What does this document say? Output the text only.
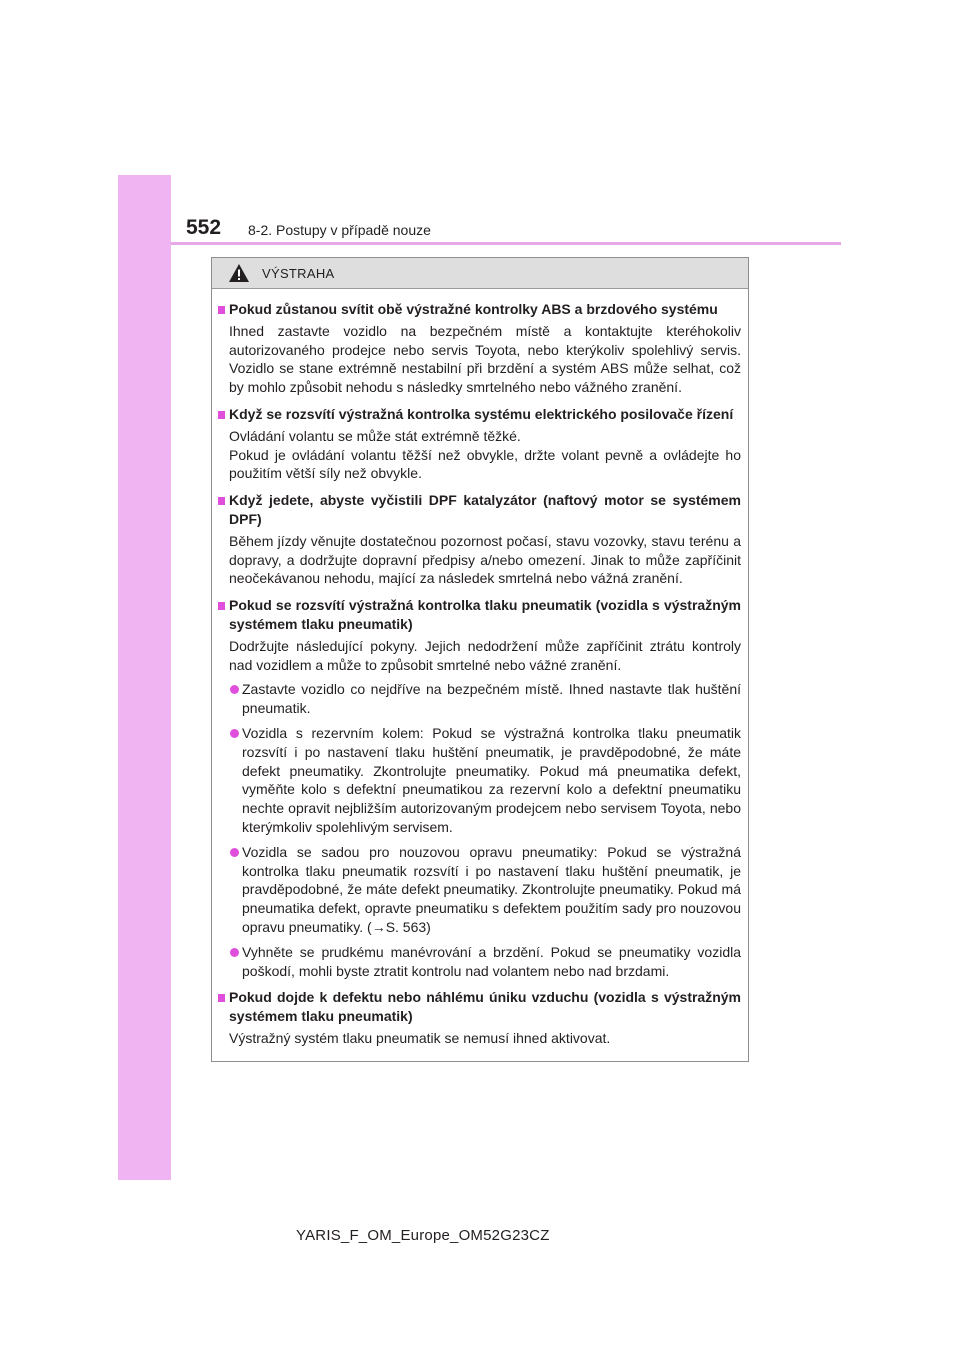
552 8-2. Postupy v případě nouze
VÝSTRAHA
Pokud zůstanou svítit obě výstražné kontrolky ABS a brzdového systému
Ihned zastavte vozidlo na bezpečném místě a kontaktujte kteréhokoliv autorizovaného prodejce nebo servis Toyota, nebo kterýkoliv spolehlivý servis. Vozidlo se stane extrémně nestabilní při brzdění a systém ABS může selhat, což by mohlo způsobit nehodu s následky smrtelného nebo vážného zranění.
Když se rozsvítí výstražná kontrolka systému elektrického posilovače řízení
Ovládání volantu se může stát extrémně těžké.
Pokud je ovládání volantu těžší než obvykle, držte volant pevně a ovládejte ho použitím větší síly než obvykle.
Když jedete, abyste vyčistili DPF katalyzátor (naftový motor se systémem DPF)
Během jízdy věnujte dostatečnou pozornost počasí, stavu vozovky, stavu terénu a dopravy, a dodržujte dopravní předpisy a/nebo omezení. Jinak to může zapříčinit neočekávanou nehodu, mající za následek smrtelná nebo vážná zranění.
Pokud se rozsvítí výstražná kontrolka tlaku pneumatik (vozidla s výstražným systémem tlaku pneumatik)
Dodržujte následující pokyny. Jejich nedodržení může zapříčinit ztrátu kontroly nad vozidlem a může to způsobit smrtelné nebo vážné zranění.
Zastavte vozidlo co nejdříve na bezpečném místě. Ihned nastavte tlak huštění pneumatik.
Vozidla s rezervním kolem: Pokud se výstražná kontrolka tlaku pneumatik rozsvítí i po nastavení tlaku huštění pneumatik, je pravděpodobné, že máte defekt pneumatiky. Zkontrolujte pneumatiky. Pokud má pneumatika defekt, vyměňte kolo s defektní pneumatikou za rezervní kolo a defektní pneumatiku nechte opravit nejbližším autorizovaným prodejcem nebo servisem Toyota, nebo kterýmkoliv spolehlivým servisem.
Vozidla se sadou pro nouzovou opravu pneumatiky: Pokud se výstražná kontrolka tlaku pneumatik rozsvítí i po nastavení tlaku huštění pneumatik, je pravděpodobné, že máte defekt pneumatiky. Zkontrolujte pneumatiky. Pokud má pneumatika defekt, opravte pneumatiku s defektem použitím sady pro nouzovou opravu pneumatiky. (→S. 563)
Vyhněte se prudkému manévrování a brzdění. Pokud se pneumatiky vozidla poškodí, mohli byste ztratit kontrolu nad volantem nebo nad brzdami.
Pokud dojde k defektu nebo náhlému úniku vzduchu (vozidla s výstražným systémem tlaku pneumatik)
Výstražný systém tlaku pneumatik se nemusí ihned aktivovat.
YARIS_F_OM_Europe_OM52G23CZ
